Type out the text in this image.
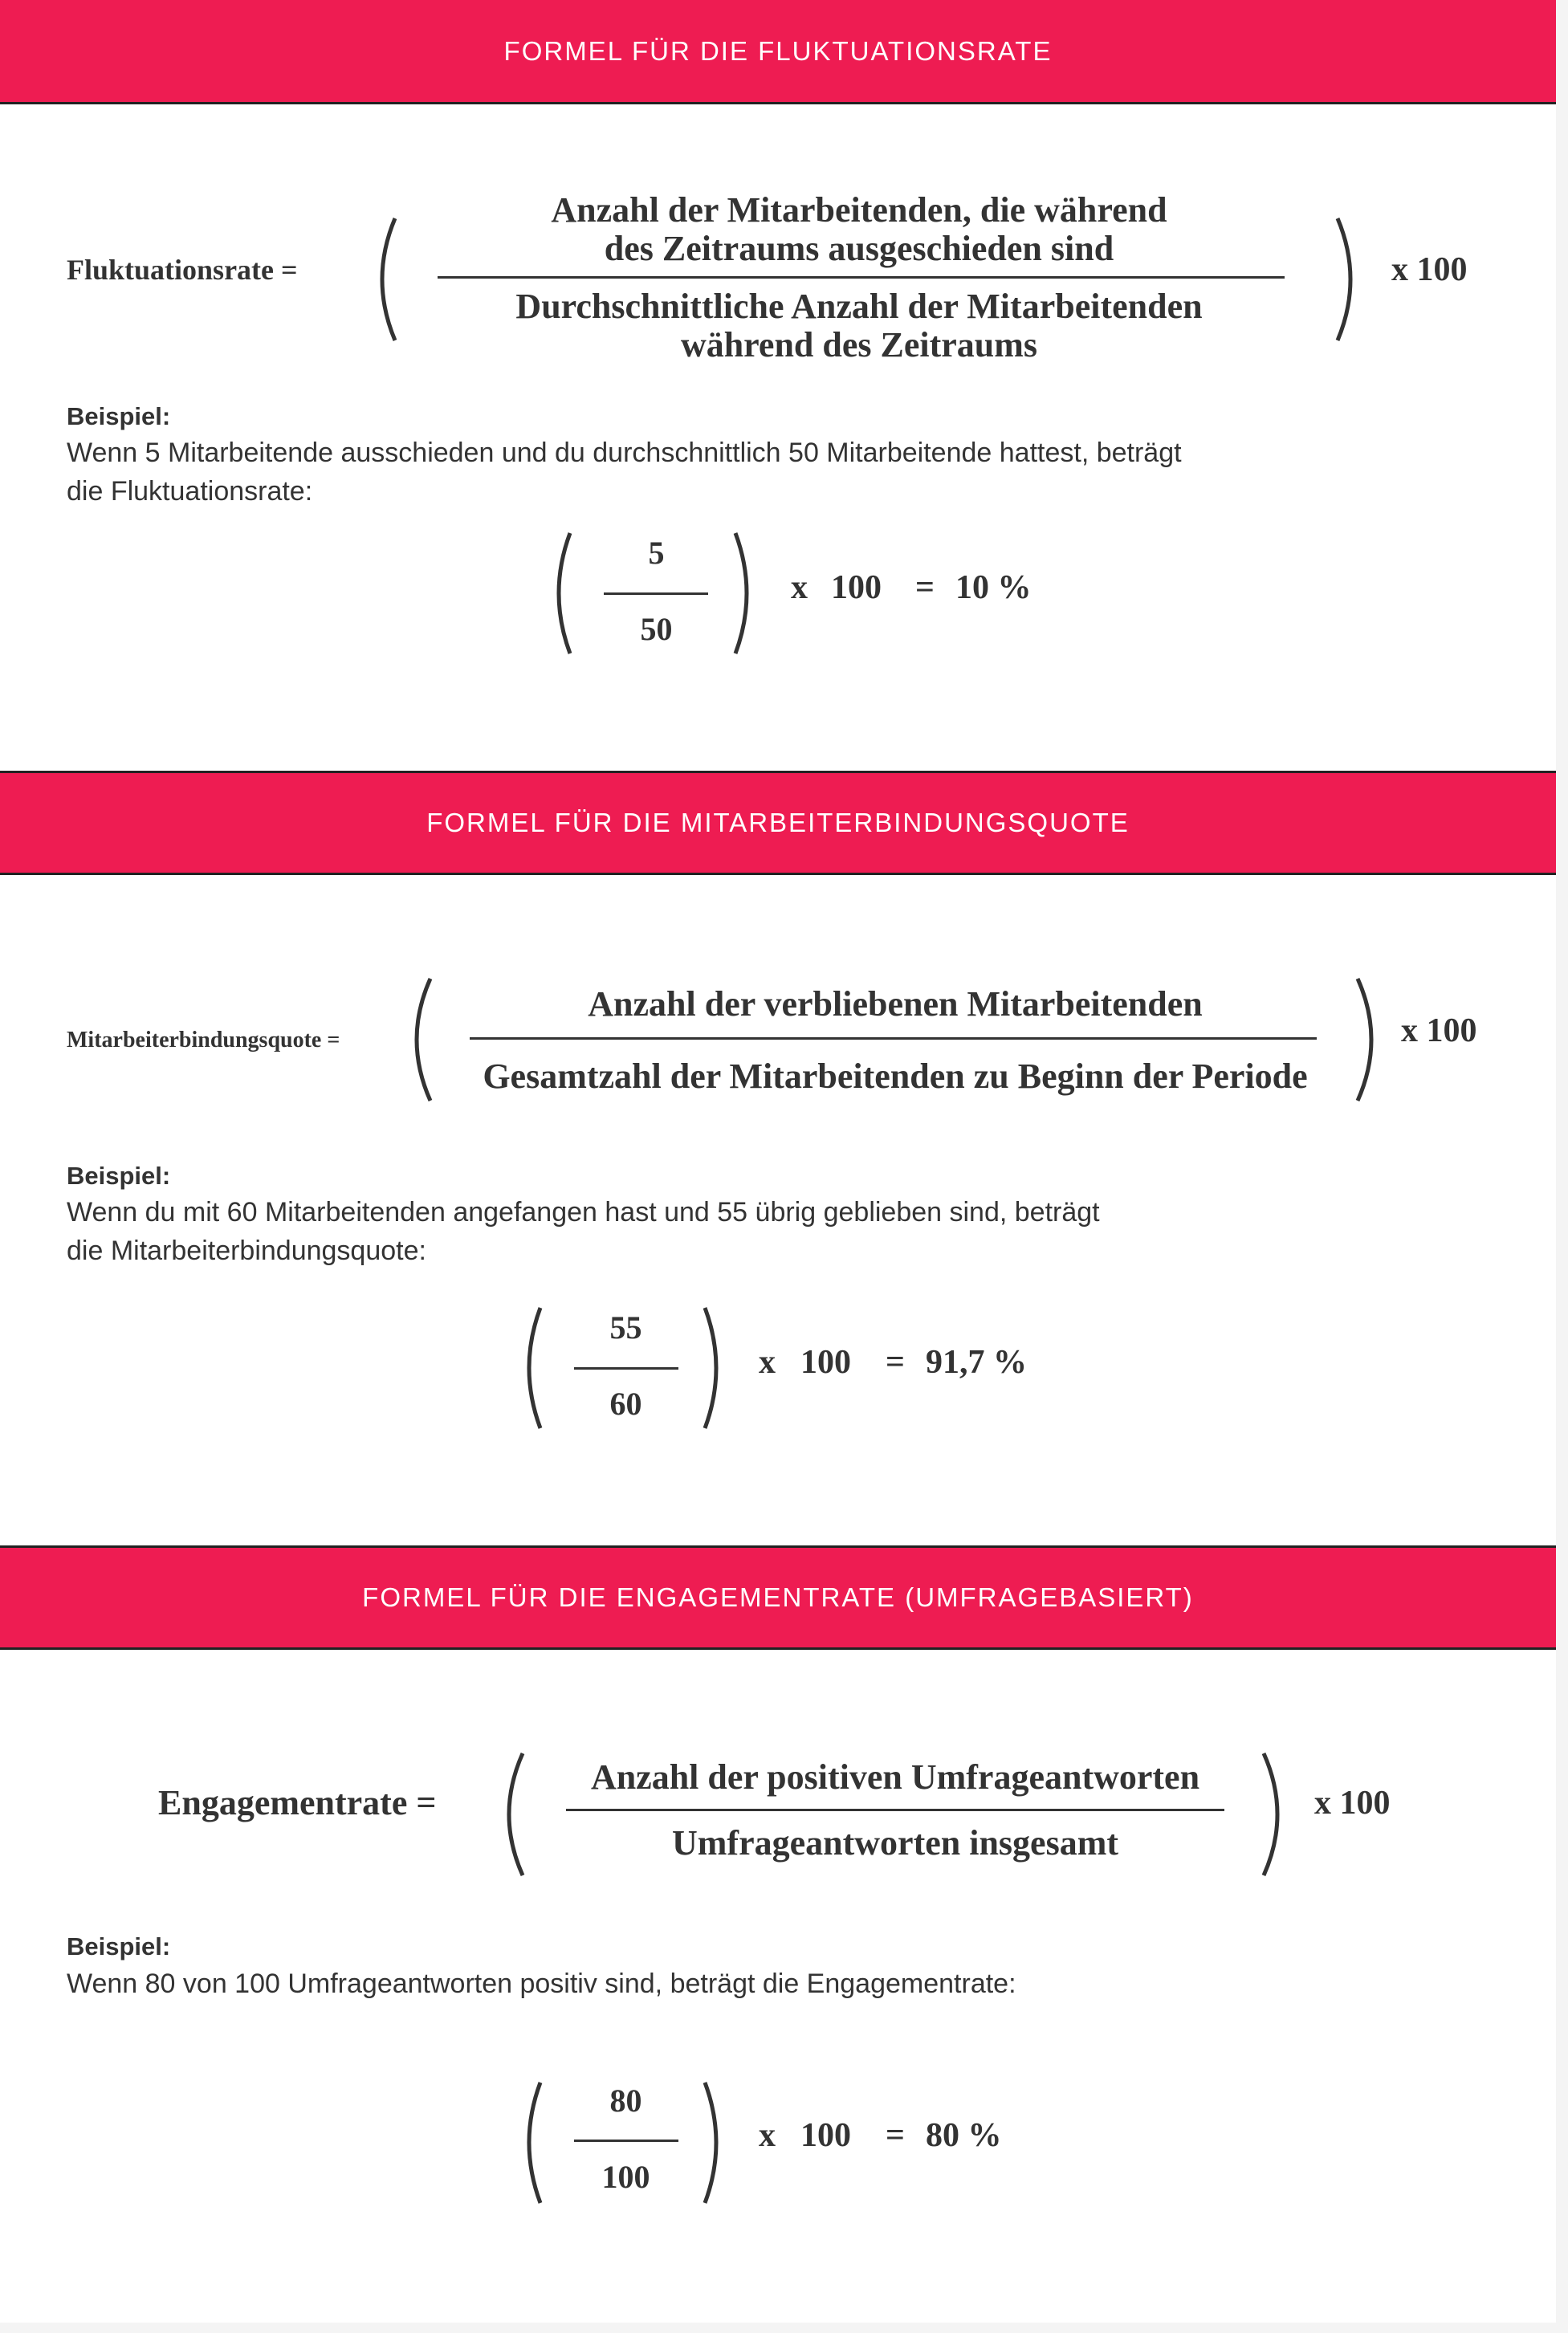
FORMEL FÜR DIE FLUKTUATIONSRATE
Fluktuationsrate =
Anzahl der Mitarbeitenden, die während
des Zeitraums ausgeschieden sind
Durchschnittliche Anzahl der Mitarbeitenden
während des Zeitraums
x 100
Beispiel:
Wenn 5 Mitarbeitende ausschieden und du durchschnittlich 50 Mitarbeitende hattest, beträgt
die Fluktuationsrate:
5
50
x 100 = 10 %
FORMEL FÜR DIE MITARBEITERBINDUNGSQUOTE
Mitarbeiterbindungsquote =
Anzahl der verbliebenen Mitarbeitenden
Gesamtzahl der Mitarbeitenden zu Beginn der Periode
x 100
Beispiel:
Wenn du mit 60 Mitarbeitenden angefangen hast und 55 übrig geblieben sind, beträgt
die Mitarbeiterbindungsquote:
55
60
x 100 = 91,7 %
FORMEL FÜR DIE ENGAGEMENTRATE (UMFRAGEBASIERT)
Engagementrate =
Anzahl der positiven Umfrageantworten
Umfrageantworten insgesamt
x 100
Beispiel:
Wenn 80 von 100 Umfrageantworten positiv sind, beträgt die Engagementrate:
80
100
x 100 = 80 %
